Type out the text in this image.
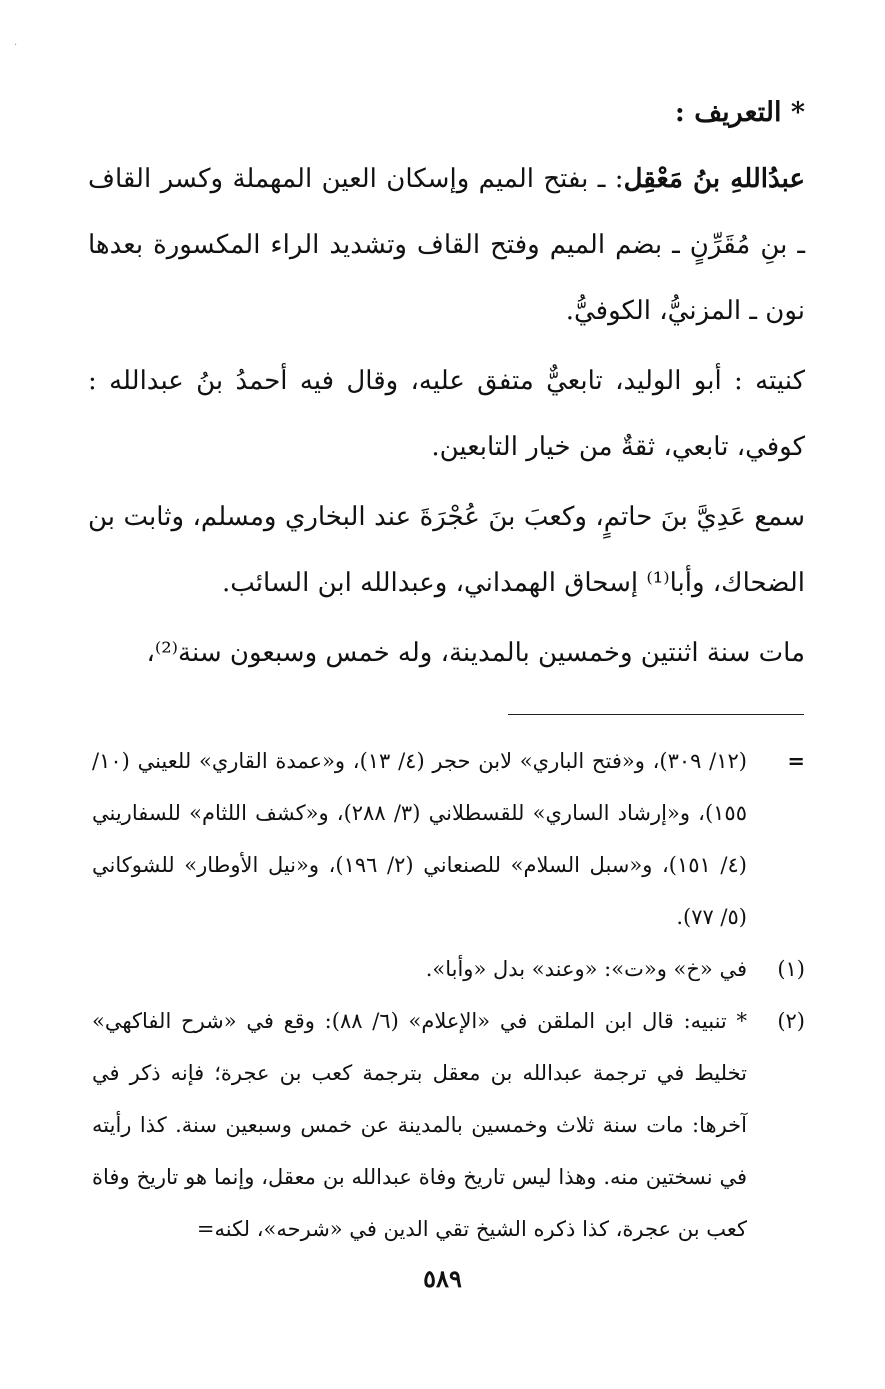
·

* التعريف :

عبدُاللهِ بنُ مَعْقِل: ـ بفتح الميم وإسكان العين المهملة وكسر القاف ـ بنِ مُقَرِّنٍ ـ بضم الميم وفتح القاف وتشديد الراء المكسورة بعدها نون ـ المزنيُّ، الكوفيُّ.

كنيته : أبو الوليد، تابعيٌّ متفق عليه، وقال فيه أحمدُ بنُ عبدالله : كوفي، تابعي، ثقةٌ من خيار التابعين.

سمع عَدِيَّ بنَ حاتمٍ، وكعبَ بنَ عُجْرَةَ عند البخاري ومسلم، وثابت بن الضحاك، وأبا⁽¹⁾ إسحاق الهمداني، وعبدالله ابن السائب.

مات سنة اثنتين وخمسين بالمدينة، وله خمس وسبعون سنة⁽²⁾،

=
(١٢/ ٣٠٩)، و«فتح الباري» لابن حجر (٤/ ١٣)، و«عمدة القاري» للعيني (١٠/ ١٥٥)، و«إرشاد الساري» للقسطلاني (٣/ ٢٨٨)، و«كشف اللثام» للسفاريني (٤/ ١٥١)، و«سبل السلام» للصنعاني (٢/ ١٩٦)، و«نيل الأوطار» للشوكاني (٥/ ٧٧).
(١)
في «خ» و«ت»: «وعند» بدل «وأبا».
(٢)
* تنبيه: قال ابن الملقن في «الإعلام» (٦/ ٨٨): وقع في «شرح الفاكهي» تخليط في ترجمة عبدالله بن معقل بترجمة كعب بن عجرة؛ فإنه ذكر في آخرها: مات سنة ثلاث وخمسين بالمدينة عن خمس وسبعين سنة. كذا رأيته في نسختين منه. وهذا ليس تاريخ وفاة عبدالله بن معقل، وإنما هو تاريخ وفاة كعب بن عجرة، كذا ذكره الشيخ تقي الدين في «شرحه»، لكنه=
٥٨٩
